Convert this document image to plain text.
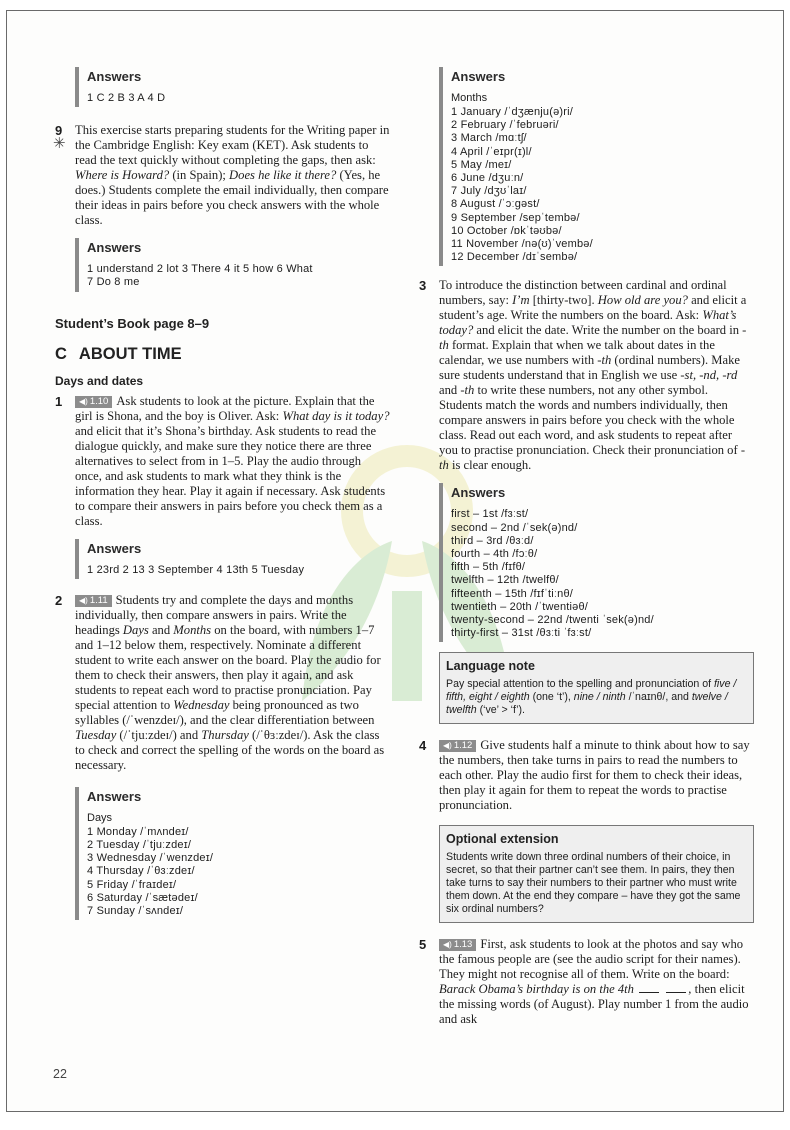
Answers
1 C 2 B 3 A 4 D
9
✳
This exercise starts preparing students for the Writing paper in the Cambridge English: Key exam (KET). Ask students to read the text quickly without completing the gaps, then ask: Where is Howard? (in Spain); Does he like it there? (Yes, he does.) Students complete the email individually, then compare their ideas in pairs before you check answers with the whole class.
Answers
1 understand 2 lot 3 There 4 it 5 how 6 What
7 Do 8 me
Student’s Book page 8–9
C ABOUT TIME
Days and dates
1 ◀) 1.10 Ask students to look at the picture. Explain that the girl is Shona, and the boy is Oliver. Ask: What day is it today? and elicit that it’s Shona’s birthday. Ask students to read the dialogue quickly, and make sure they notice there are three alternatives to select from in 1–5. Play the audio through once, and ask students to mark what they think is the information they hear. Play it again if necessary. Ask students to compare their answers in pairs before you check them as a class.
Answers
1 23rd 2 13 3 September 4 13th 5 Tuesday
2 ◀) 1.11 Students try and complete the days and months individually, then compare answers in pairs. Write the headings Days and Months on the board, with numbers 1–7 and 1–12 below them, respectively. Nominate a different student to write each answer on the board. Play the audio for them to check their answers, then play it again, and ask students to repeat each word to practise pronunciation. Pay special attention to Wednesday being pronounced as two syllables (/ˈwenzdeɪ/), and the clear differentiation between Tuesday (/ˈtjuːzdeɪ/) and Thursday (/ˈθɜːzdeɪ/). Ask the class to check and correct the spelling of the words on the board as necessary.
Answers
Days
1 Monday /ˈmʌndeɪ/
2 Tuesday /ˈtjuːzdeɪ/
3 Wednesday /ˈwenzdeɪ/
4 Thursday /ˈθɜːzdeɪ/
5 Friday /ˈfraɪdeɪ/
6 Saturday /ˈsætədeɪ/
7 Sunday /ˈsʌndeɪ/
Answers
Months
1 January /ˈdʒænju(ə)ri/
2 February /ˈfebruəri/
3 March /mɑːtʃ/
4 April /ˈeɪpr(ɪ)l/
5 May /meɪ/
6 June /dʒuːn/
7 July /dʒʊˈlaɪ/
8 August /ˈɔːgəst/
9 September /sepˈtembə/
10 October /ɒkˈtəʊbə/
11 November /nə(ʊ)ˈvembə/
12 December /dɪˈsembə/
3 To introduce the distinction between cardinal and ordinal numbers, say: I’m [thirty-two]. How old are you? and elicit a student’s age. Write the numbers on the board. Ask: What’s today? and elicit the date. Write the number on the board in -th format. Explain that when we talk about dates in the calendar, we use numbers with -th (ordinal numbers). Make sure students understand that in English we use -st, -nd, -rd and -th to write these numbers, not any other symbol. Students match the words and numbers individually, then compare answers in pairs before you check with the whole class. Read out each word, and ask students to repeat after you to practise pronunciation. Check their pronunciation of -th is clear enough.
Answers
first – 1st /fɜːst/
second – 2nd /ˈsek(ə)nd/
third – 3rd /θɜːd/
fourth – 4th /fɔːθ/
fifth – 5th /fɪfθ/
twelfth – 12th /twelfθ/
fifteenth – 15th /fɪfˈtiːnθ/
twentieth – 20th /ˈtwentiəθ/
twenty-second – 22nd /twenti ˈsek(ə)nd/
thirty-first – 31st /θɜːti ˈfɜːst/
Language note
Pay special attention to the spelling and pronunciation of five / fifth, eight / eighth (one ‘t’), nine / ninth /ˈnaɪnθ/, and twelve / twelfth (‘ve’ > ‘f’).
4 ◀) 1.12 Give students half a minute to think about how to say the numbers, then take turns in pairs to read the numbers to each other. Play the audio first for them to check their ideas, then play it again for them to repeat the words to practise pronunciation.
Optional extension
Students write down three ordinal numbers of their choice, in secret, so that their partner can’t see them. In pairs, they then take turns to say their numbers to their partner who must write them down. At the end they compare – have they got the same six ordinal numbers?
5 ◀) 1.13 First, ask students to look at the photos and say who the famous people are (see the audio script for their names). They might not recognise all of them. Write on the board: Barack Obama’s birthday is on the 4th	, then elicit the missing words (of August). Play number 1 from the audio and ask
22
